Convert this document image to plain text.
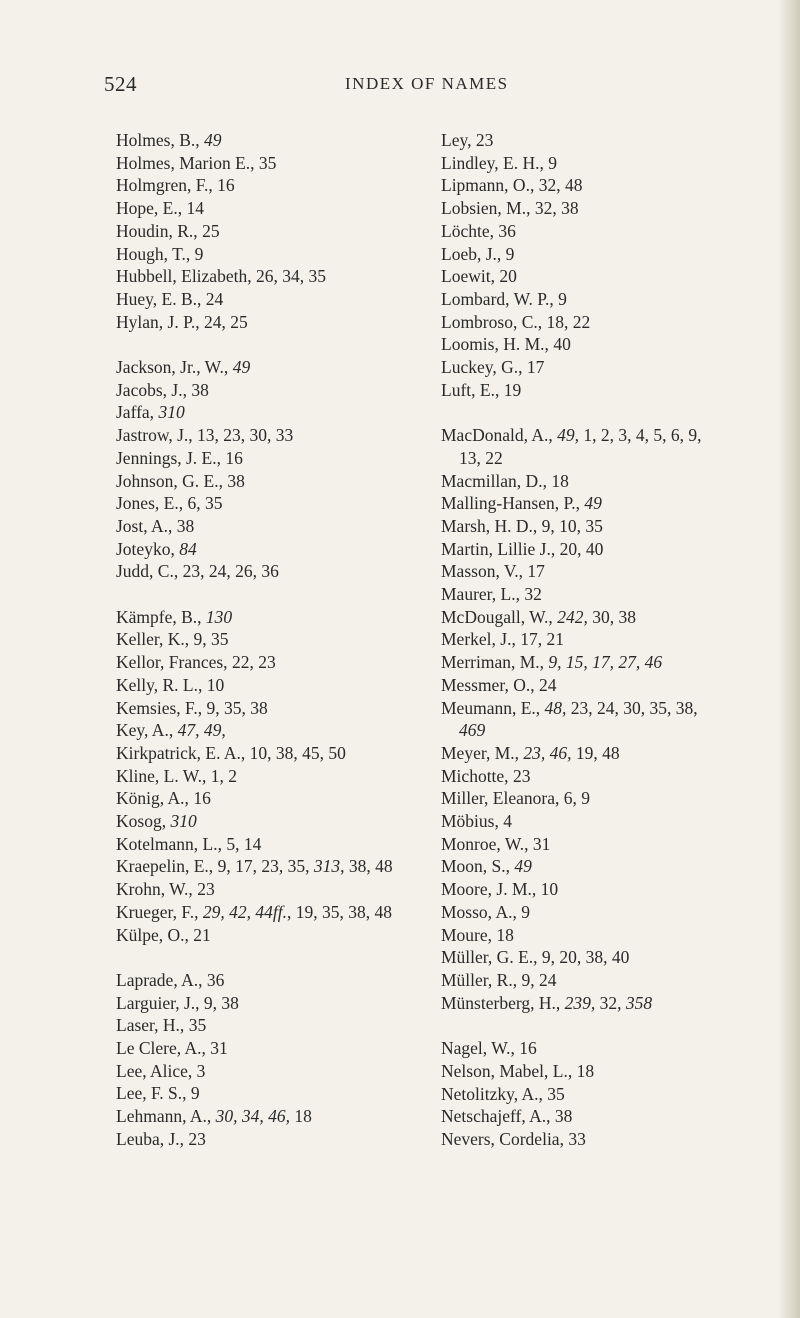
524	INDEX OF NAMES
Holmes, B., 49
Holmes, Marion E., 35
Holmgren, F., 16
Hope, E., 14
Houdin, R., 25
Hough, T., 9
Hubbell, Elizabeth, 26, 34, 35
Huey, E. B., 24
Hylan, J. P., 24, 25
Jackson, Jr., W., 49
Jacobs, J., 38
Jaffa, 310
Jastrow, J., 13, 23, 30, 33
Jennings, J. E., 16
Johnson, G. E., 38
Jones, E., 6, 35
Jost, A., 38
Joteyko, 84
Judd, C., 23, 24, 26, 36
Kämpfe, B., 130
Keller, K., 9, 35
Kellor, Frances, 22, 23
Kelly, R. L., 10
Kemsies, F., 9, 35, 38
Key, A., 47, 49,
Kirkpatrick, E. A., 10, 38, 45, 50
Kline, L. W., 1, 2
König, A., 16
Kosog, 310
Kotelmann, L., 5, 14
Kraepelin, E., 9, 17, 23, 35, 313, 38, 48
Krohn, W., 23
Krueger, F., 29, 42, 44ff., 19, 35, 38, 48
Külpe, O., 21
Laprade, A., 36
Larguier, J., 9, 38
Laser, H., 35
Le Clere, A., 31
Lee, Alice, 3
Lee, F. S., 9
Lehmann, A., 30, 34, 46, 18
Leuba, J., 23
Ley, 23
Lindley, E. H., 9
Lipmann, O., 32, 48
Lobsien, M., 32, 38
Löchte, 36
Loeb, J., 9
Loewit, 20
Lombard, W. P., 9
Lombroso, C., 18, 22
Loomis, H. M., 40
Luckey, G., 17
Luft, E., 19
MacDonald, A., 49, 1, 2, 3, 4, 5, 6, 9,
13, 22
Macmillan, D., 18
Malling-Hansen, P., 49
Marsh, H. D., 9, 10, 35
Martin, Lillie J., 20, 40
Masson, V., 17
Maurer, L., 32
McDougall, W., 242, 30, 38
Merkel, J., 17, 21
Merriman, M., 9, 15, 17, 27, 46
Messmer, O., 24
Meumann, E., 48, 23, 24, 30, 35, 38,
469
Meyer, M., 23, 46, 19, 48
Michotte, 23
Miller, Eleanora, 6, 9
Möbius, 4
Monroe, W., 31
Moon, S., 49
Moore, J. M., 10
Mosso, A., 9
Moure, 18
Müller, G. E., 9, 20, 38, 40
Müller, R., 9, 24
Münsterberg, H., 239, 32, 358
Nagel, W., 16
Nelson, Mabel, L., 18
Netolitzky, A., 35
Netschajeff, A., 38
Nevers, Cordelia, 33
